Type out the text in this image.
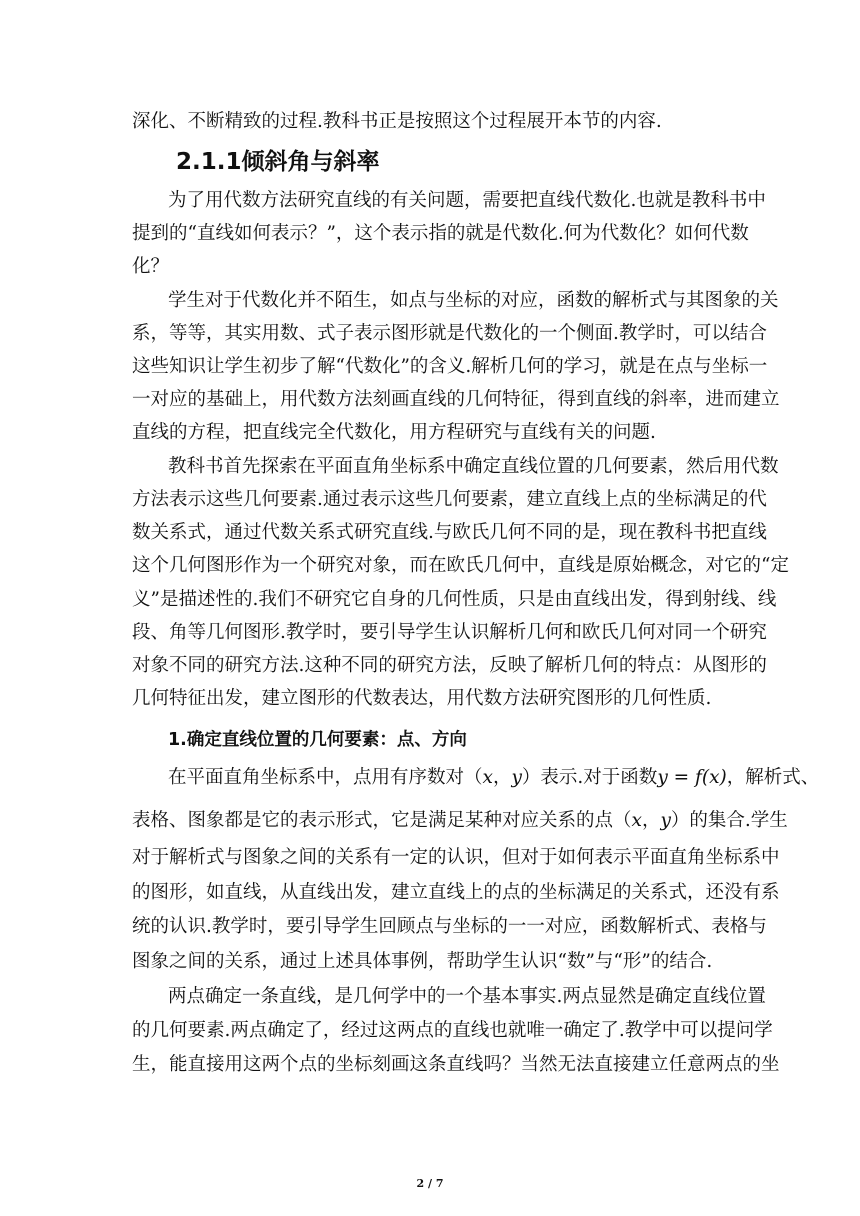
深化、不断精致的过程.教科书正是按照这个过程展开本节的内容.
2.1.1倾斜角与斜率
为了用代数方法研究直线的有关问题，需要把直线代数化.也就是教科书中
提到的“直线如何表示？”，这个表示指的就是代数化.何为代数化？如何代数
化？
学生对于代数化并不陌生，如点与坐标的对应，函数的解析式与其图象的关
系，等等，其实用数、式子表示图形就是代数化的一个侧面.教学时，可以结合
这些知识让学生初步了解“代数化”的含义.解析几何的学习，就是在点与坐标一
一对应的基础上，用代数方法刻画直线的几何特征，得到直线的斜率，进而建立
直线的方程，把直线完全代数化，用方程研究与直线有关的问题.
教科书首先探索在平面直角坐标系中确定直线位置的几何要素，然后用代数
方法表示这些几何要素.通过表示这些几何要素，建立直线上点的坐标满足的代
数关系式，通过代数关系式研究直线.与欧氏几何不同的是，现在教科书把直线
这个几何图形作为一个研究对象，而在欧氏几何中，直线是原始概念，对它的“定
义”是描述性的.我们不研究它自身的几何性质，只是由直线出发，得到射线、线
段、角等几何图形.教学时，要引导学生认识解析几何和欧氏几何对同一个研究
对象不同的研究方法.这种不同的研究方法，反映了解析几何的特点：从图形的
几何特征出发，建立图形的代数表达，用代数方法研究图形的几何性质.
1.确定直线位置的几何要素：点、方向
在平面直角坐标系中，点用有序数对（x，y）表示.对于函数y = f(x)，解析式、
表格、图象都是它的表示形式，它是满足某种对应关系的点（x，y）的集合.学生
对于解析式与图象之间的关系有一定的认识，但对于如何表示平面直角坐标系中
的图形，如直线，从直线出发，建立直线上的点的坐标满足的关系式，还没有系
统的认识.教学时，要引导学生回顾点与坐标的一一对应，函数解析式、表格与
图象之间的关系，通过上述具体事例，帮助学生认识“数”与“形”的结合.
两点确定一条直线，是几何学中的一个基本事实.两点显然是确定直线位置
的几何要素.两点确定了，经过这两点的直线也就唯一确定了.教学中可以提问学
生，能直接用这两个点的坐标刻画这条直线吗？当然无法直接建立任意两点的坐
2 / 7
